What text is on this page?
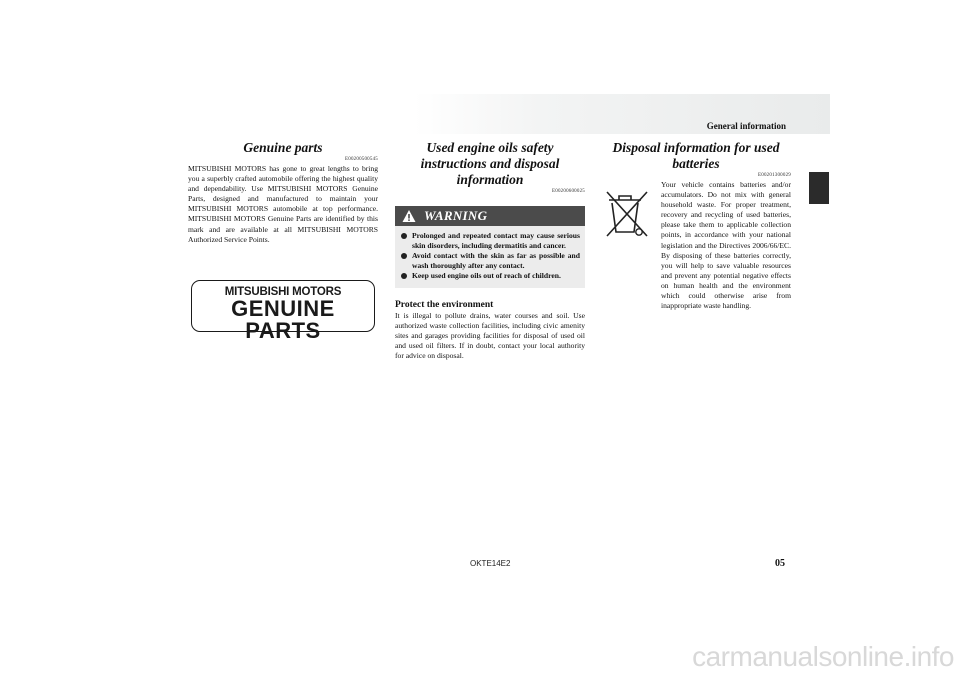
General information

Genuine parts

E00200500545

MITSUBISHI MOTORS has gone to great lengths to bring you a superbly crafted automobile offering the highest quality and dependability. Use MITSUBISHI MOTORS Genuine Parts, designed and manufactured to maintain your MITSUBISHI MOTORS automobile at top performance. MITSUBISHI MOTORS Genuine Parts are identified by this mark and are available at all MITSUBISHI MOTORS Authorized Service Points.

MITSUBISHI MOTORS
GENUINE PARTS

Used engine oils safety instructions and disposal information

E00200600025
WARNING
Prolonged and repeated contact may cause serious skin disorders, including dermatitis and cancer.
Avoid contact with the skin as far as possible and wash thoroughly after any contact.
Keep used engine oils out of reach of children.
Protect the environment

It is illegal to pollute drains, water courses and soil. Use authorized waste collection facilities, including civic amenity sites and garages providing facilities for disposal of used oil and used oil filters. If in doubt, contact your local authority for advice on disposal.

Disposal information for used batteries

E00201300029

Your vehicle contains batteries and/or accumulators. Do not mix with general household waste. For proper treatment, recovery and recycling of used batteries, please take them to applicable collection points, in accordance with your national legislation and the Directives 2006/66/EC. By disposing of these batteries correctly, you will help to save valuable resources and prevent any potential negative effects on human health and the environment which could otherwise arise from inappropriate waste handling.

OKTE14E2	05
carmanualsonline.info
